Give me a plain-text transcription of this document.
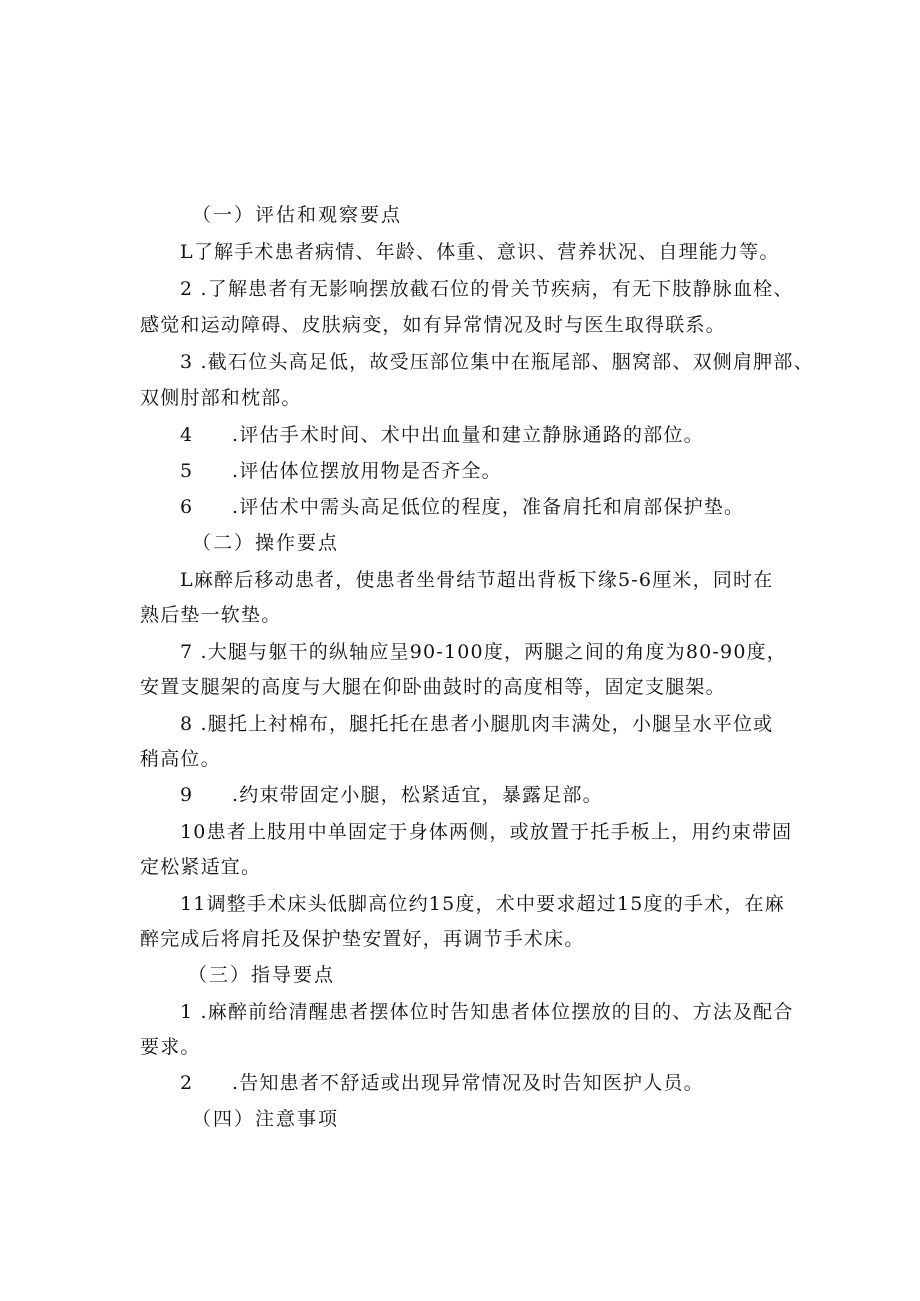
（一）评估和观察要点
L了解手术患者病情、年龄、体重、意识、营养状况、自理能力等。
2 .了解患者有无影响摆放截石位的骨关节疾病，有无下肢静脉血栓、
感觉和运动障碍、皮肤病变，如有异常情况及时与医生取得联系。
3 .截石位头高足低，故受压部位集中在瓶尾部、胭窝部、双侧肩胛部、
双侧肘部和枕部。
4 .评估手术时间、术中出血量和建立静脉通路的部位。
5 .评估体位摆放用物是否齐全。
6 .评估术中需头高足低位的程度，准备肩托和肩部保护垫。
（二）操作要点
L麻醉后移动患者，使患者坐骨结节超出背板下缘5-6厘米，同时在
熟后垫一软垫。
7 .大腿与躯干的纵轴应呈90-100度，两腿之间的角度为80-90度，
安置支腿架的高度与大腿在仰卧曲鼓时的高度相等，固定支腿架。
8 .腿托上衬棉布，腿托托在患者小腿肌肉丰满处，小腿呈水平位或
稍高位。
9 .约束带固定小腿，松紧适宜，暴露足部。
10患者上肢用中单固定于身体两侧，或放置于托手板上，用约束带固
定松紧适宜。
11调整手术床头低脚高位约15度，术中要求超过15度的手术，在麻
醉完成后将肩托及保护垫安置好，再调节手术床。
（三）指导要点
1 .麻醉前给清醒患者摆体位时告知患者体位摆放的目的、方法及配合
要求。
2 .告知患者不舒适或出现异常情况及时告知医护人员。
（四）注意事项
